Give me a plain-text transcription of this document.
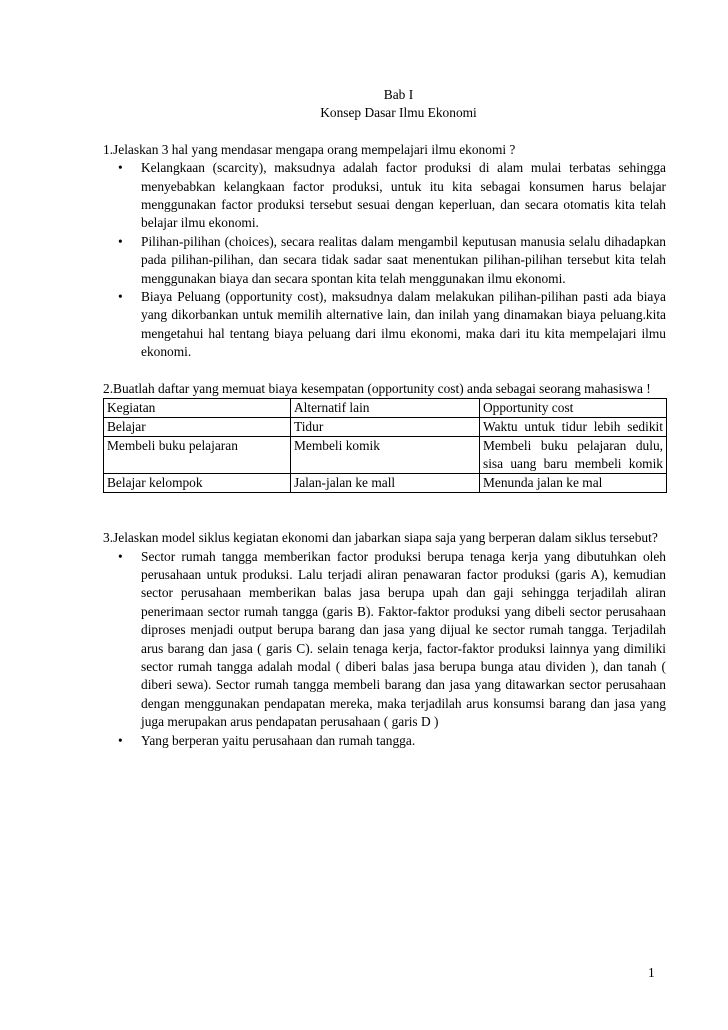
Bab I
Konsep Dasar Ilmu Ekonomi
1.Jelaskan 3 hal yang mendasar mengapa orang mempelajari ilmu ekonomi ?
• Kelangkaan (scarcity), maksudnya adalah factor produksi di alam mulai terbatas sehingga menyebabkan kelangkaan factor produksi, untuk itu kita sebagai konsumen harus belajar menggunakan factor produksi tersebut sesuai dengan keperluan, dan secara otomatis kita telah belajar ilmu ekonomi.
• Pilihan-pilihan (choices), secara realitas dalam mengambil keputusan manusia selalu dihadapkan pada pilihan-pilihan, dan secara tidak sadar saat menentukan pilihan-pilihan tersebut kita telah menggunakan biaya dan secara spontan kita telah menggunakan ilmu ekonomi.
• Biaya Peluang (opportunity cost), maksudnya dalam melakukan pilihan-pilihan pasti ada biaya yang dikorbankan untuk memilih alternative lain, dan inilah yang dinamakan biaya peluang.kita mengetahui hal tentang biaya peluang dari ilmu ekonomi, maka dari itu kita mempelajari ilmu ekonomi.
2.Buatlah daftar yang memuat biaya kesempatan (opportunity cost) anda sebagai seorang mahasiswa !
Kegiatan	Alternatif lain	Opportunity cost
Belajar	Tidur	Waktu untuk tidur lebih sedikit
Membeli buku pelajaran	Membeli komik	Membeli buku pelajaran dulu, sisa uang baru membeli komik
Belajar kelompok	Jalan-jalan ke mall	Menunda jalan ke mal
3.Jelaskan model siklus kegiatan ekonomi dan jabarkan siapa saja yang berperan dalam siklus tersebut?
• Sector rumah tangga memberikan factor produksi berupa tenaga kerja yang dibutuhkan oleh perusahaan untuk produksi. Lalu terjadi aliran penawaran factor produksi (garis A), kemudian sector perusahaan memberikan balas jasa berupa upah dan gaji sehingga terjadilah aliran penerimaan sector rumah tangga (garis B). Faktor-faktor produksi yang dibeli sector perusahaan diproses menjadi output berupa barang dan jasa yang dijual ke sector rumah tangga. Terjadilah arus barang dan jasa ( garis C). selain tenaga kerja, factor-faktor produksi lainnya yang dimiliki sector rumah tangga adalah modal ( diberi balas jasa berupa bunga atau dividen ), dan tanah ( diberi sewa). Sector rumah tangga membeli barang dan jasa yang ditawarkan sector perusahaan dengan menggunakan pendapatan mereka, maka terjadilah arus konsumsi barang dan jasa yang juga merupakan arus pendapatan perusahaan ( garis D )
• Yang berperan yaitu perusahaan dan rumah tangga.
1
